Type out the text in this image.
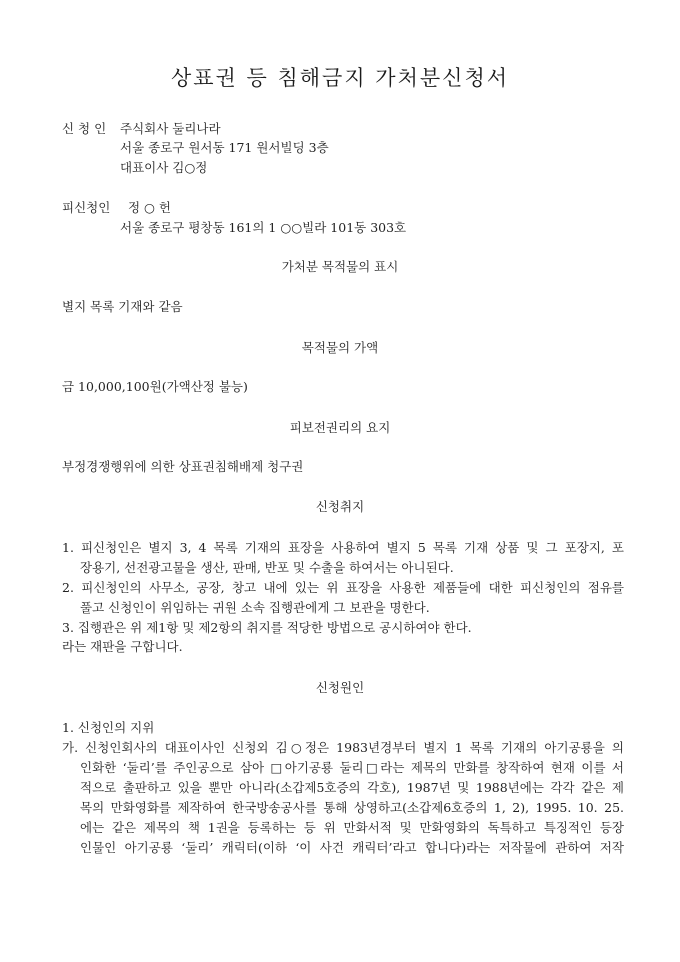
상표권 등 침해금지 가처분신청서
신 청 인 주식회사 둘리나라
서울 종로구 원서동 171 원서빌딩 3층
대표이사 김○정
피신청인 정 ○ 헌
서울 종로구 평창동 161의 1 ○○빌라 101동 303호
가처분 목적물의 표시
별지 목록 기재와 같음
목적물의 가액
금 10,000,100원(가액산정 불능)
피보전권리의 요지
부정경쟁행위에 의한 상표권침해배제 청구권
신청취지
1. 피신청인은 별지 3, 4 목록 기재의 표장을 사용하여 별지 5 목록 기재 상품 및 그 포장지, 포
장용기, 선전광고물을 생산, 판매, 반포 및 수출을 하여서는 아니된다.
2. 피신청인의 사무소, 공장, 창고 내에 있는 위 표장을 사용한 제품들에 대한 피신청인의 점유를
풀고 신청인이 위임하는 귀원 소속 집행관에게 그 보관을 명한다.
3. 집행관은 위 제1항 및 제2항의 취지를 적당한 방법으로 공시하여야 한다.
라는 재판을 구합니다.
신청원인
1. 신청인의 지위
가. 신청인회사의 대표이사인 신청외 김○정은 1983년경부터 별지 1 목록 기재의 아기공룡을 의
인화한 ‘둘리’를 주인공으로 삼아 □아기공룡 둘리□라는 제목의 만화를 창작하여 현재 이를 서
적으로 출판하고 있을 뿐만 아니라(소갑제5호증의 각호), 1987년 및 1988년에는 각각 같은 제
목의 만화영화를 제작하여 한국방송공사를 통해 상영하고(소갑제6호증의 1, 2), 1995. 10. 25.
에는 같은 제목의 책 1권을 등록하는 등 위 만화서적 및 만화영화의 독특하고 특징적인 등장
인물인 아기공룡 ‘둘리’ 캐릭터(이하 ‘이 사건 캐릭터’라고 합니다)라는 저작물에 관하여 저작
